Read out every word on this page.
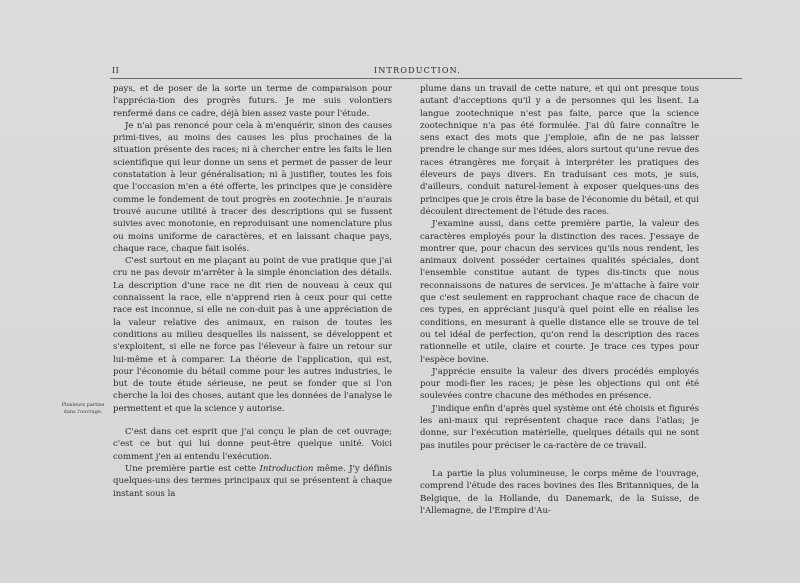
II	INTRODUCTION.
Plusieurs parties dans l'ouvrage.

pays, et de poser de la sorte un terme de comparaison pour l'apprécia-tion des progrès futurs. Je me suis volontiers renfermé dans ce cadre, déjà bien assez vaste pour l'étude.

Je n'ai pas renoncé pour cela à m'enquérir, sinon des causes primi-tives, au moins des causes les plus prochaines de la situation présente des races; ni à chercher entre les faits le lien scientifique qui leur donne un sens et permet de passer de leur constatation à leur généralisation; ni à justifier, toutes les fois que l'occasion m'en a été offerte, les principes que je considère comme le fondement de tout progrès en zootechnie. Je n'aurais trouvé aucune utilité à tracer des descriptions qui se fussent suivies avec monotonie, en reproduisant une nomenclature plus ou moins uniforme de caractères, et en laissant chaque pays, chaque race, chaque fait isolés.

C'est surtout en me plaçant au point de vue pratique que j'ai cru ne pas devoir m'arrêter à la simple énonciation des détails. La description d'une race ne dit rien de nouveau à ceux qui connaissent la race, elle n'apprend rien à ceux pour qui cette race est inconnue, si elle ne con-duit pas à une appréciation de la valeur relative des animaux, en raison de toutes les conditions au milieu desquelles ils naissent, se développent et s'exploitent, si elle ne force pas l'éleveur à faire un retour sur lui-même et à comparer. La théorie de l'application, qui est, pour l'économie du bétail comme pour les autres industries, le but de toute étude sérieuse, ne peut se fonder que si l'on cherche la loi des choses, autant que les données de l'analyse le permettent et que la science y autorise.

C'est dans cet esprit que j'ai conçu le plan de cet ouvrage; c'est ce but qui lui donne peut-être quelque unité. Voici comment j'en ai entendu l'exécution.

Une première partie est cette Introduction même. J'y définis quelques-uns des termes principaux qui se présentent à chaque instant sous la

plume dans un travail de cette nature, et qui ont presque tous autant d'acceptions qu'il y a de personnes qui les lisent. La langue zootechnique n'est pas faite, parce que la science zootechnique n'a pas été formulée. J'ai dû faire connaître le sens exact des mots que j'emploie, afin de ne pas laisser prendre le change sur mes idées, alors surtout qu'une revue des races étrangères me forçait à interpréter les pratiques des éleveurs de pays divers. En traduisant ces mots, je suis, d'ailleurs, conduit naturel-lement à exposer quelques-uns des principes que je crois être la base de l'économie du bétail, et qui découlent directement de l'étude des races.

J'examine aussi, dans cette première partie, la valeur des caractères employés pour la distinction des races. J'essaye de montrer que, pour chacun des services qu'ils nous rendent, les animaux doivent posséder certaines qualités spéciales, dont l'ensemble constitue autant de types dis-tincts que nous reconnaissons de natures de services. Je m'attache à faire voir que c'est seulement en rapprochant chaque race de chacun de ces types, en appréciant jusqu'à quel point elle en réalise les conditions, en mesurant à quelle distance elle se trouve de tel ou tel idéal de perfection, qu'on rend la description des races rationnelle et utile, claire et courte. Je trace ces types pour l'espèce bovine.

J'apprécie ensuite la valeur des divers procédés employés pour modi-fier les races; je pèse les objections qui ont été soulevées contre chacune des méthodes en présence.

J'indique enfin d'après quel système ont été choisis et figurés les ani-maux qui représentent chaque race dans l'atlas; je donne, sur l'exécution matérielle, quelques détails qui ne sont pas inutiles pour préciser le ca-ractère de ce travail.

La partie la plus volumineuse, le corps même de l'ouvrage, comprend l'étude des races bovines des Iles Britanniques, de la Belgique, de la Hollande, du Danemark, de la Suisse, de l'Allemagne, de l'Empire d'Au-
